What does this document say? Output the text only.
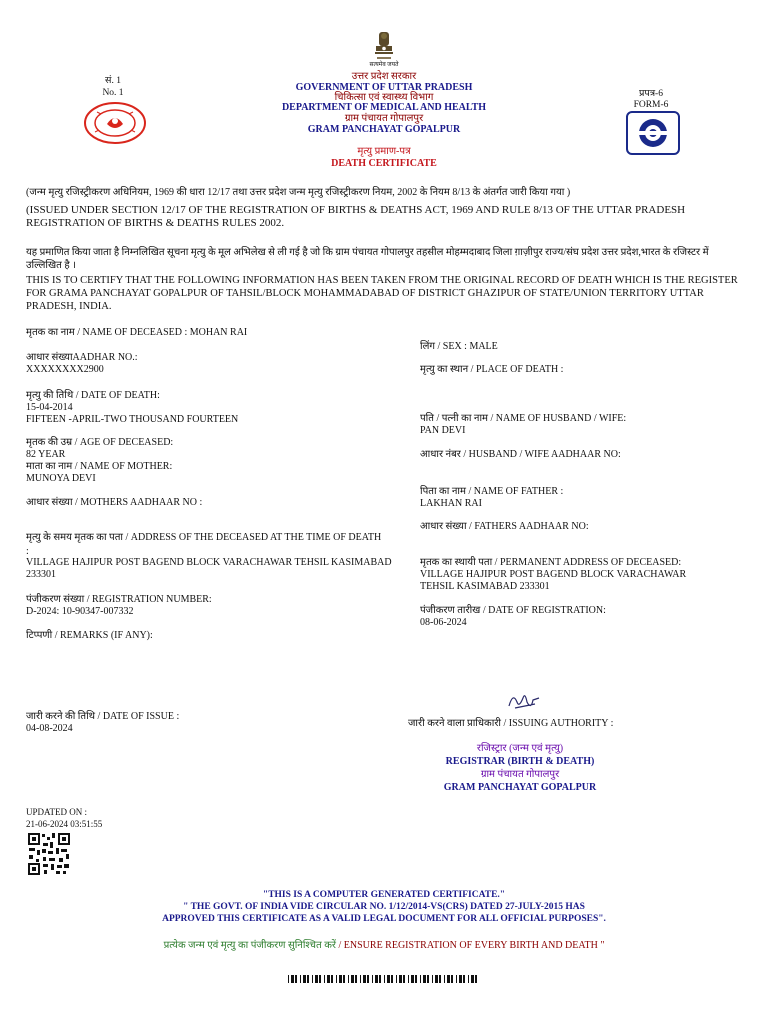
सत्यमेव जयते
सं. 1
No. 1	प्रपत्र-6
FORM-6
उत्तर प्रदेश सरकार
GOVERNMENT OF UTTAR PRADESH
चिकित्सा एवं स्वास्थ्य विभाग
DEPARTMENT OF MEDICAL AND HEALTH
ग्राम पंचायत गोपालपुर
GRAM PANCHAYAT GOPALPUR
मृत्यु प्रमाण-पत्र
DEATH CERTIFICATE
(जन्म मृत्यु रजिस्ट्रीकरण अधिनियम, 1969 की धारा 12/17 तथा उत्तर प्रदेश जन्म मृत्यु रजिस्ट्रीकरण नियम, 2002 के नियम 8/13 के अंतर्गत जारी किया गया )
(ISSUED UNDER SECTION 12/17 OF THE REGISTRATION OF BIRTHS & DEATHS ACT, 1969 AND RULE 8/13 OF THE UTTAR PRADESH REGISTRATION OF BIRTHS & DEATHS RULES 2002.
यह प्रमाणित किया जाता है निम्नलिखित सूचना मृत्यु के मूल अभिलेख से ली गई है जो कि ग्राम पंचायत गोपालपुर तहसील मोहम्मदाबाद जिला ग़ाज़ीपुर राज्य/संघ प्रदेश उत्तर प्रदेश,भारत के रजिस्टर में उल्लिखित है ।
THIS IS TO CERTIFY THAT THE FOLLOWING INFORMATION HAS BEEN TAKEN FROM THE ORIGINAL RECORD OF DEATH WHICH IS THE REGISTER FOR GRAMA PANCHAYAT GOPALPUR OF TAHSIL/BLOCK MOHAMMADABAD OF DISTRICT GHAZIPUR OF STATE/UNION TERRITORY UTTAR PRADESH, INDIA.
मृतक का नाम / NAME OF DECEASED : MOHAN RAI
आधार संख्याAADHAR NO.:
XXXXXXXX2900
मृत्यु की तिथि / DATE OF DEATH:
15-04-2014
FIFTEEN -APRIL-TWO THOUSAND FOURTEEN
मृतक की उम्र / AGE OF DECEASED:
82 YEAR
माता का नाम / NAME OF MOTHER:
MUNOYA DEVI
आधार संख्या / MOTHERS AADHAAR NO :
मृत्यु के समय मृतक का पता / ADDRESS OF THE DECEASED AT THE TIME OF DEATH
:
VILLAGE HAJIPUR POST BAGEND BLOCK VARACHAWAR TEHSIL KASIMABAD 233301
पंजीकरण संख्या / REGISTRATION NUMBER:
D-2024: 10-90347-007332
टिप्पणी / REMARKS (IF ANY):
लिंग / SEX : MALE
मृत्यु का स्थान / PLACE OF DEATH :
पति / पत्नी का नाम / NAME OF HUSBAND / WIFE:
PAN DEVI
आधार नंबर / HUSBAND / WIFE AADHAAR NO:
पिता का नाम / NAME OF FATHER :
LAKHAN RAI
आधार संख्या / FATHERS AADHAAR NO:
मृतक का स्थायी पता / PERMANENT ADDRESS OF DECEASED:
VILLAGE HAJIPUR POST BAGEND BLOCK VARACHAWAR TEHSIL KASIMABAD 233301
पंजीकरण तारीख / DATE OF REGISTRATION:
08-06-2024
जारी करने की तिथि / DATE OF ISSUE :
04-08-2024	जारी करने वाला प्राधिकारी / ISSUING AUTHORITY :
रजिस्ट्रार (जन्म एवं मृत्यु)
REGISTRAR (BIRTH & DEATH)
ग्राम पंचायत गोपालपुर
GRAM PANCHAYAT GOPALPUR
UPDATED ON :
21-06-2024 03:51:55
"THIS IS A COMPUTER GENERATED CERTIFICATE."
" THE GOVT. OF INDIA VIDE CIRCULAR NO. 1/12/2014-VS(CRS) DATED 27-JULY-2015 HAS
APPROVED THIS CERTIFICATE AS A VALID LEGAL DOCUMENT FOR ALL OFFICIAL PURPOSES".
प्रत्येक जन्म एवं मृत्यु का पंजीकरण सुनिश्चित करें / ENSURE REGISTRATION OF EVERY BIRTH AND DEATH "
